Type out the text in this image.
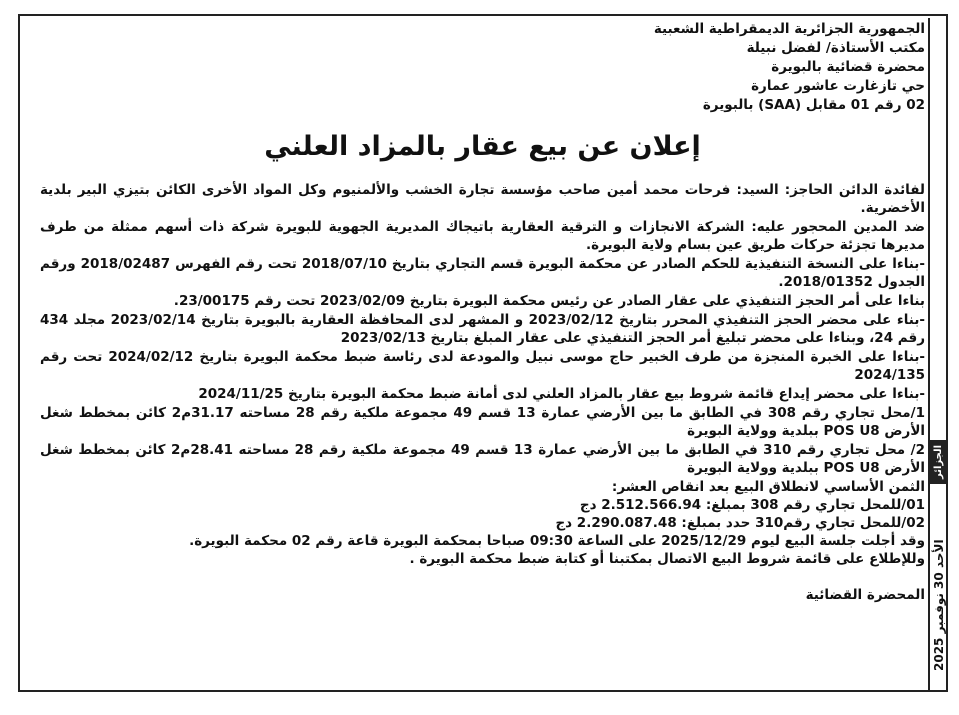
الجزائر
الأحد 30 نوفمبر 2025

الجمهورية الجزائرية الديمقراطية الشعبية

مكتب الأستاذة/ لفضل نبيلة

محضرة قضائية بالبويرة

حي تازغارت عاشور عمارة

02 رقم 01 مقابل (SAA) بالبويرة

إعلان عن بيع عقار بالمزاد العلني

لفائدة الدائن الحاجز: السيد: فرحات محمد أمين صاحب مؤسسة تجارة الخشب والألمنيوم وكل المواد الأخرى الكائن بتيزي البير بلدية الأخضرية.

ضد المدين المحجور عليه: الشركة الانجازات و الترقية العقارية باتيجاك المديرية الجهوية للبويرة شركة ذات أسهم ممثلة من طرف مديرها تجزئة حركات طريق عين بسام ولاية البويرة.

-بناءا على النسخة التنفيذية للحكم الصادر عن محكمة البويرة قسم التجاري بتاريخ 2018/07/10 تحت رقم الفهرس 2018/02487 ورقم الجدول 2018/01352.

بناءا على أمر الحجز التنفيذي على عقار الصادر عن رئيس محكمة البويرة بتاريخ 2023/02/09 تحت رقم 23/00175.

-بناء على محضر الحجز التنفيذي المحرر بتاريخ 2023/02/12 و المشهر لدى المحافظة العقارية بالبويرة بتاريخ 2023/02/14 مجلد 434 رقم 24، وبناءا على محضر تبليغ أمر الحجز التنفيذي على عقار المبلغ بتاريخ 2023/02/13

-بناءا على الخبرة المنجزة من طرف الخبير حاج موسى نبيل والمودعة لدى رئاسة ضبط محكمة البويرة بتاريخ 2024/02/12 تحت رقم 2024/135

-بناءا على محضر إيداع قائمة شروط بيع عقار بالمزاد العلني لدى أمانة ضبط محكمة البويرة بتاريخ 2024/11/25

1/محل تجاري رقم 308 في الطابق ما بين الأرضي عمارة 13 قسم 49 مجموعة ملكية رقم 28 مساحته 31.17م2 كائن بمخطط شغل الأرض POS U8 ببلدية وولاية البويرة

2/ محل تجاري رقم 310 في الطابق ما بين الأرضي عمارة 13 قسم 49 مجموعة ملكية رقم 28 مساحته 28.41م2 كائن بمخطط شغل الأرض POS U8 ببلدية وولاية البويرة

الثمن الأساسي لانطلاق البيع بعد انقاص العشر:

01/للمحل تجاري رقم 308 بمبلغ: 2.512.566.94 دج

02/للمحل تجاري رقم310 حدد بمبلغ: 2.290.087.48 دج

وقد أجلت جلسة البيع ليوم 2025/12/29 على الساعة 09:30 صباحا بمحكمة البويرة قاعة رقم 02 محكمة البويرة.

وللإطلاع على قائمة شروط البيع الاتصال بمكتبنا أو كتابة ضبط محكمة البويرة .

المحضرة القضائية
